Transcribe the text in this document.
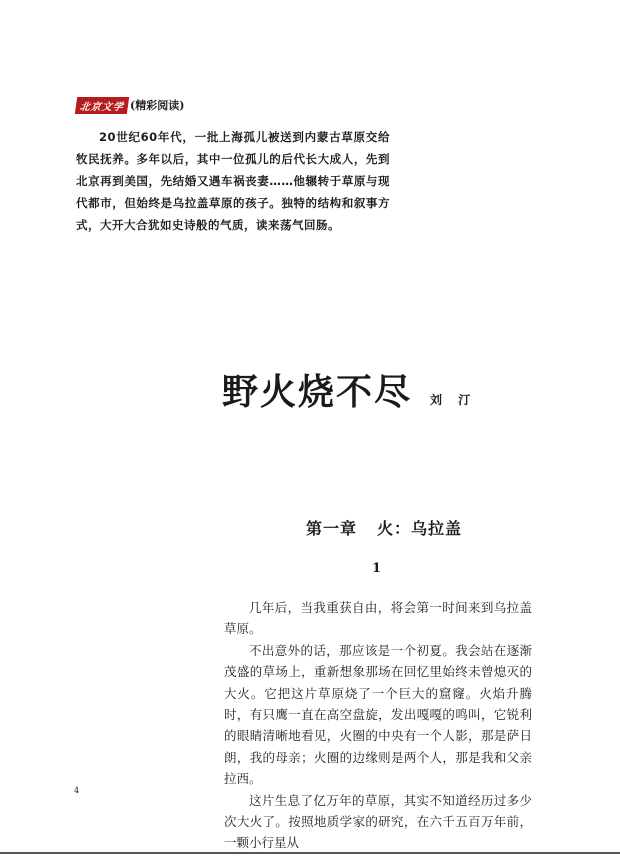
北京文学 (精彩阅读)

20世纪60年代，一批上海孤儿被送到内蒙古草原交给牧民抚养。多年以后，其中一位孤儿的后代长大成人，先到北京再到美国，先结婚又遇车祸丧妻……他辗转于草原与现代都市，但始终是乌拉盖草原的孩子。独特的结构和叙事方式，大开大合犹如史诗般的气质，读来荡气回肠。

野火烧不尽 刘 汀
第一章 火：乌拉盖
1

几年后，当我重获自由，将会第一时间来到乌拉盖草原。

不出意外的话，那应该是一个初夏。我会站在逐渐茂盛的草场上，重新想象那场在回忆里始终未曾熄灭的大火。它把这片草原烧了一个巨大的窟窿。火焰升腾时，有只鹰一直在高空盘旋，发出嘎嘎的鸣叫，它锐利的眼睛清晰地看见，火圈的中央有一个人影，那是萨日朗，我的母亲；火圈的边缘则是两个人，那是我和父亲拉西。

这片生息了亿万年的草原，其实不知道经历过多少次大火了。按照地质学家的研究，在六千五百万年前，一颗小行星从

4
